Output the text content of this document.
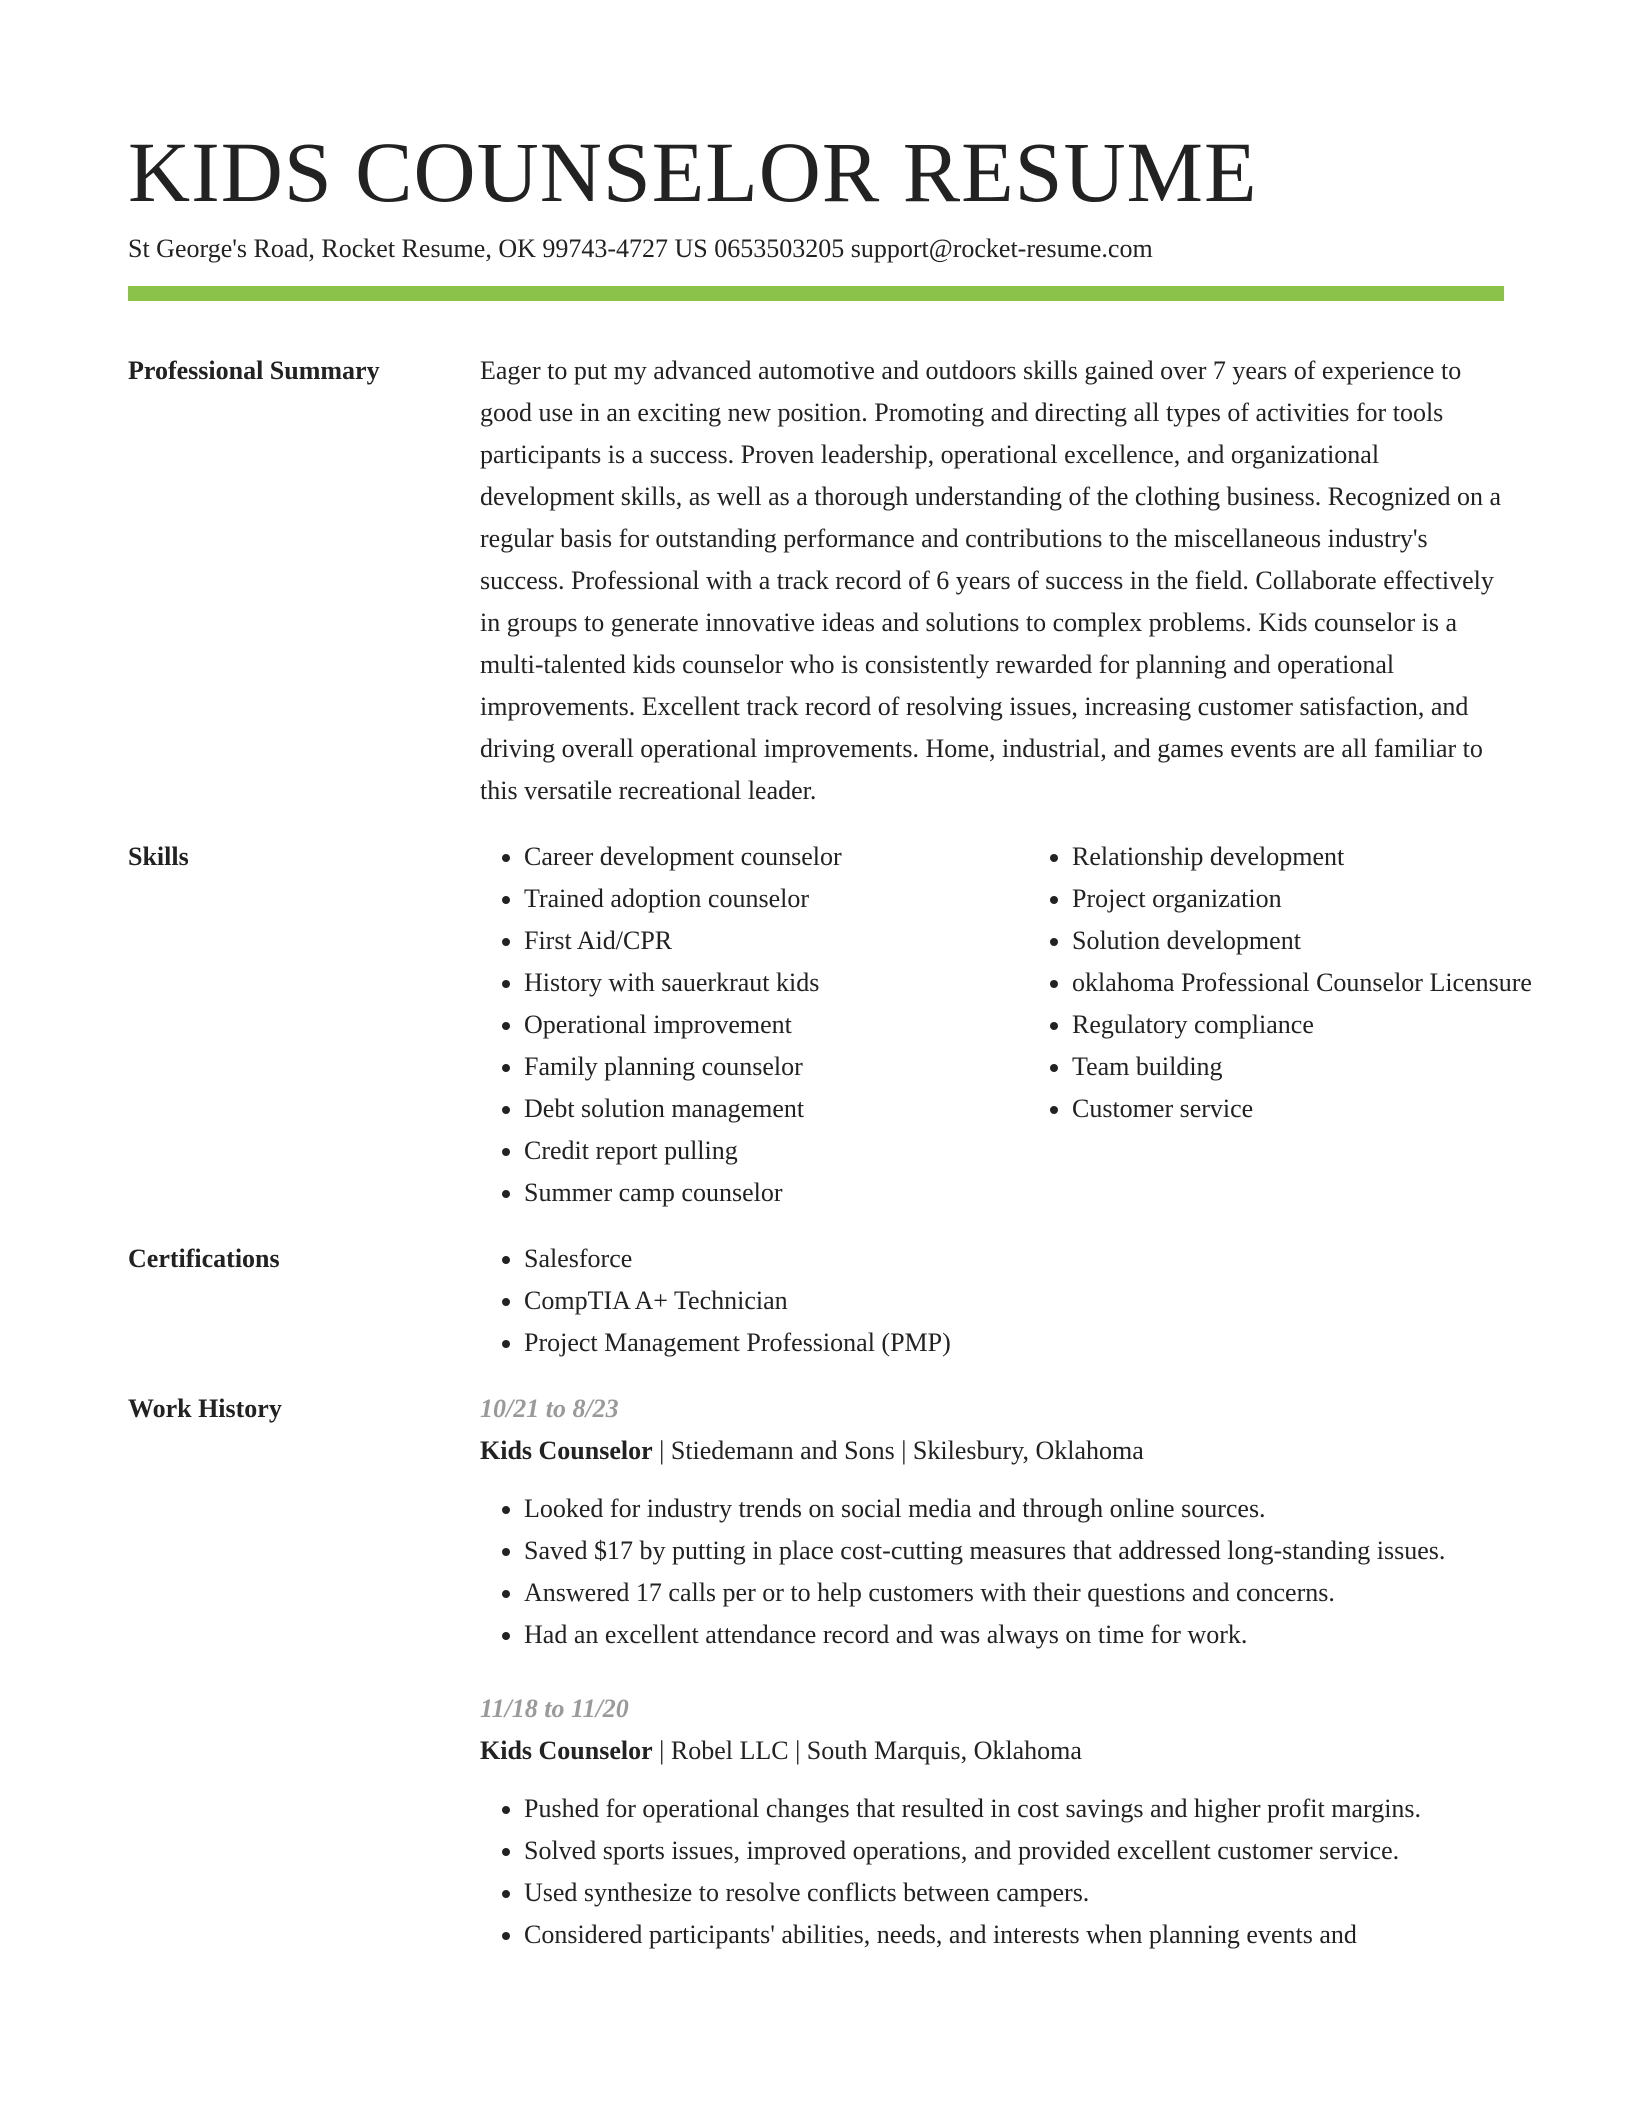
KIDS COUNSELOR RESUME
St George's Road, Rocket Resume, OK 99743-4727 US 0653503205 support@rocket-resume.com
Professional Summary	Eager to put my advanced automotive and outdoors skills gained over 7 years of experience to good use in an exciting new position. Promoting and directing all types of activities for tools participants is a success. Proven leadership, operational excellence, and organizational development skills, as well as a thorough understanding of the clothing business. Recognized on a regular basis for outstanding performance and contributions to the miscellaneous industry's success. Professional with a track record of 6 years of success in the field. Collaborate effectively in groups to generate innovative ideas and solutions to complex problems. Kids counselor is a multi-talented kids counselor who is consistently rewarded for planning and operational improvements. Excellent track record of resolving issues, increasing customer satisfaction, and driving overall operational improvements. Home, industrial, and games events are all familiar to this versatile recreational leader.

Skills	• Career development counselor
• Trained adoption counselor
• First Aid/CPR
• History with sauerkraut kids
• Operational improvement
• Family planning counselor
• Debt solution management
• Credit report pulling
• Summer camp counselor
• Relationship development
• Project organization
• Solution development
• oklahoma Professional Counselor Licensure
• Regulatory compliance
• Team building
• Customer service
Certifications	• Salesforce
• CompTIA A+ Technician
• Project Management Professional (PMP)
Work History	10/21 to 8/23
Kids Counselor | Stiedemann and Sons | Skilesbury, Oklahoma
• Looked for industry trends on social media and through online sources.
• Saved $17 by putting in place cost-cutting measures that addressed long-standing issues.
• Answered 17 calls per or to help customers with their questions and concerns.
• Had an excellent attendance record and was always on time for work.
11/18 to 11/20
Kids Counselor | Robel LLC | South Marquis, Oklahoma
• Pushed for operational changes that resulted in cost savings and higher profit margins.
• Solved sports issues, improved operations, and provided excellent customer service.
• Used synthesize to resolve conflicts between campers.
• Considered participants' abilities, needs, and interests when planning events and
